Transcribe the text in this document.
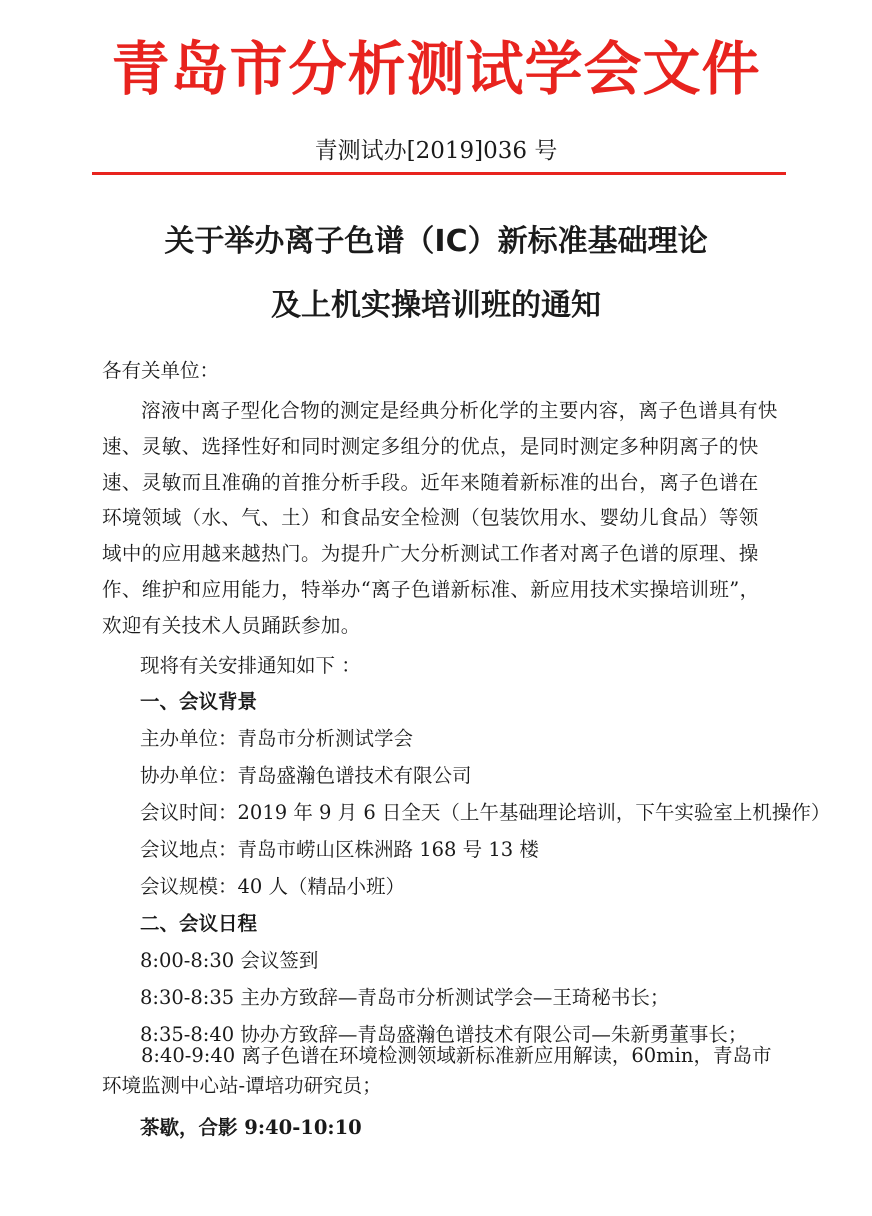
青岛市分析测试学会文件
青测试办[2019]036 号
关于举办离子色谱（IC）新标准基础理论
及上机实操培训班的通知
各有关单位：

溶液中离子型化合物的测定是经典分析化学的主要内容，离子色谱具有快速、灵敏、选择性好和同时测定多组分的优点，是同时测定多种阴离子的快速、灵敏而且准确的首推分析手段。近年来随着新标准的出台，离子色谱在环境领域（水、气、土）和食品安全检测（包装饮用水、婴幼儿食品）等领域中的应用越来越热门。为提升广大分析测试工作者对离子色谱的原理、操作、维护和应用能力，特举办“离子色谱新标准、新应用技术实操培训班”，欢迎有关技术人员踊跃参加。

现将有关安排通知如下 ：
一、会议背景
主办单位：青岛市分析测试学会
协办单位：青岛盛瀚色谱技术有限公司
会议时间：2019 年 9 月 6 日全天（上午基础理论培训，下午实验室上机操作）
会议地点：青岛市崂山区株洲路 168 号 13 楼
会议规模：40 人（精品小班）
二、会议日程
8:00-8:30 会议签到
8:30-8:35 主办方致辞—青岛市分析测试学会—王琦秘书长；
8:35-8:40 协办方致辞—青岛盛瀚色谱技术有限公司—朱新勇董事长；
8:40-9:40 离子色谱在环境检测领域新标准新应用解读，60min，青岛市环境监测中心站-谭培功研究员；
茶歇，合影 9:40-10:10
